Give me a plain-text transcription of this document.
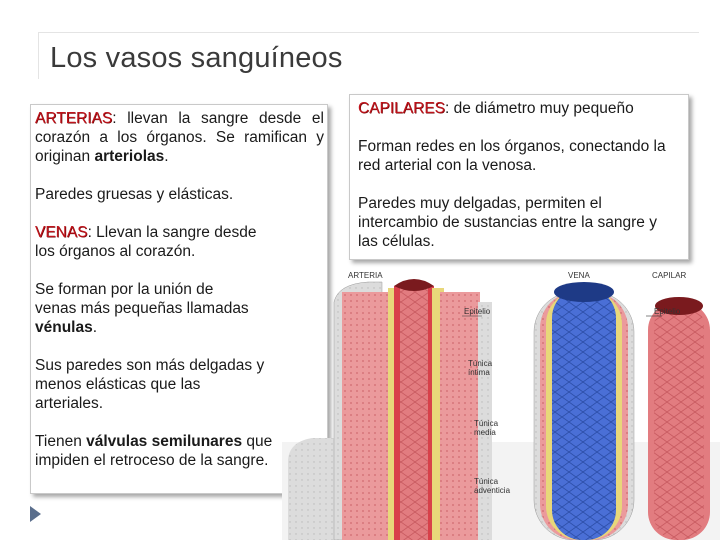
Los vasos sanguíneos

ARTERIAS: llevan la sangre desde el corazón a los órganos. Se ramifican y originan arteriolas.

Paredes gruesas y elásticas.

VENAS: Llevan la sangre desde los órganos al corazón.

Se forman por la unión de venas más pequeñas llamadas vénulas.

Sus paredes son más delgadas y menos elásticas que las arteriales.

Tienen válvulas semilunares que impiden el retroceso de la sangre.

CAPILARES: de diámetro muy pequeño

Forman redes en los órganos, conectando la red arterial con la venosa.

Paredes muy delgadas, permiten el intercambio de sustancias entre la sangre y las células.

ARTERIA
Epitelio
Túnica
íntima
Túnica
media
Túnica
adventicia
VENA	CAPILAR
Epitelio
